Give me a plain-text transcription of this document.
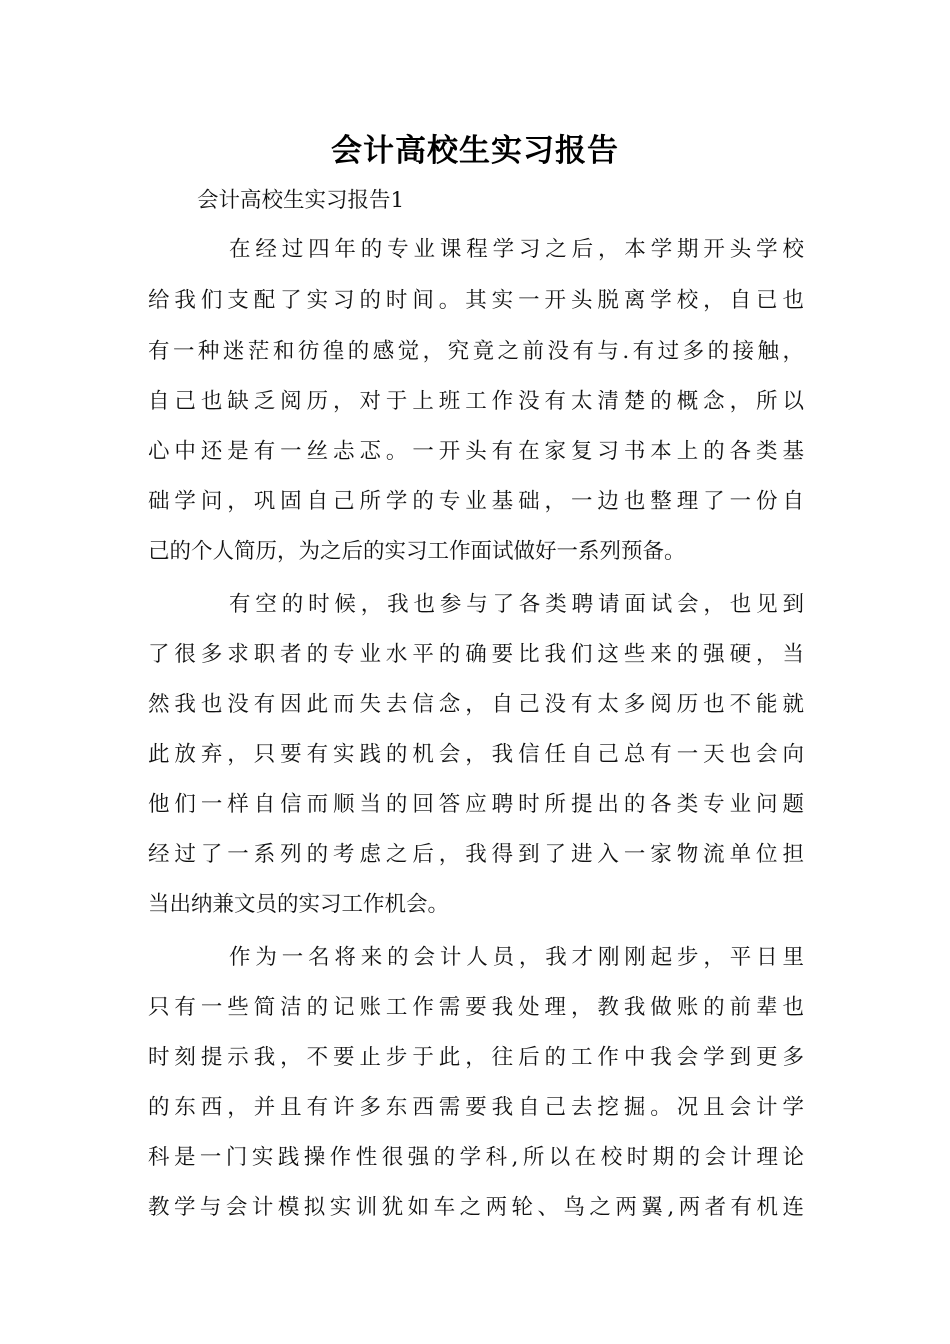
会计高校生实习报告
会计高校生实习报告1
在经过四年的专业课程学习之后，本学期开头学校
给我们支配了实习的时间。其实一开头脱离学校，自已也
有一种迷茫和彷徨的感觉，究竟之前没有与.有过多的接触，
自己也缺乏阅历，对于上班工作没有太清楚的概念，所以
心中还是有一丝忐忑。一开头有在家复习书本上的各类基
础学问，巩固自己所学的专业基础，一边也整理了一份自
己的个人简历，为之后的实习工作面试做好一系列预备。
有空的时候，我也参与了各类聘请面试会，也见到
了很多求职者的专业水平的确要比我们这些来的强硬，当
然我也没有因此而失去信念，自己没有太多阅历也不能就
此放弃，只要有实践的机会，我信任自己总有一天也会向
他们一样自信而顺当的回答应聘时所提出的各类专业问题
经过了一系列的考虑之后，我得到了进入一家物流单位担
当出纳兼文员的实习工作机会。
作为一名将来的会计人员，我才刚刚起步，平日里
只有一些简洁的记账工作需要我处理，教我做账的前辈也
时刻提示我，不要止步于此，往后的工作中我会学到更多
的东西，并且有许多东西需要我自己去挖掘。况且会计学
科是一门实践操作性很强的学科,所以在校时期的会计理论
教学与会计模拟实训犹如车之两轮、鸟之两翼,两者有机连
